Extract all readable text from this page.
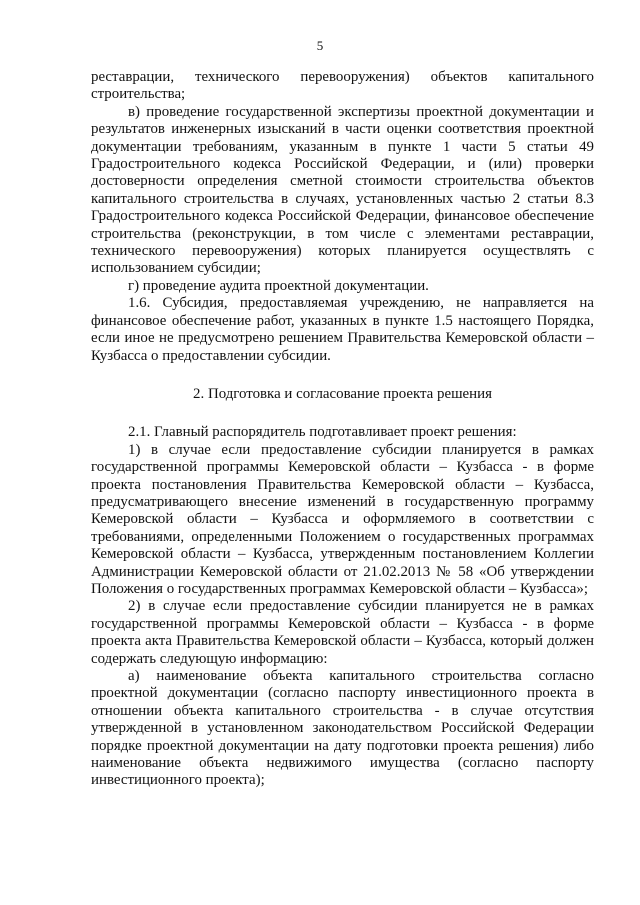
5

реставрации, технического перевооружения) объектов капитального строительства;

в) проведение государственной экспертизы проектной документации и результатов инженерных изысканий в части оценки соответствия проектной документации требованиям, указанным в пункте 1 части 5 статьи 49 Градостроительного кодекса Российской Федерации, и (или) проверки достоверности определения сметной стоимости строительства объектов капитального строительства в случаях, установленных частью 2 статьи 8.3 Градостроительного кодекса Российской Федерации, финансовое обеспечение строительства (реконструкции, в том числе с элементами реставрации, технического перевооружения) которых планируется осуществлять с использованием субсидии;

г) проведение аудита проектной документации.

1.6. Субсидия, предоставляемая учреждению, не направляется на финансовое обеспечение работ, указанных в пункте 1.5 настоящего Порядка, если иное не предусмотрено решением Правительства Кемеровской области – Кузбасса о предоставлении субсидии.

2. Подготовка и согласование проекта решения

2.1. Главный распорядитель подготавливает проект решения:

1) в случае если предоставление субсидии планируется в рамках государственной программы Кемеровской области – Кузбасса - в форме проекта постановления Правительства Кемеровской области – Кузбасса, предусматривающего внесение изменений в государственную программу Кемеровской области – Кузбасса и оформляемого в соответствии с требованиями, определенными Положением о государственных программах Кемеровской области – Кузбасса, утвержденным постановлением Коллегии Администрации Кемеровской области от 21.02.2013 № 58 «Об утверждении Положения о государственных программах Кемеровской области – Кузбасса»;

2) в случае если предоставление субсидии планируется не в рамках государственной программы Кемеровской области – Кузбасса - в форме проекта акта Правительства Кемеровской области – Кузбасса, который должен содержать следующую информацию:

а) наименование объекта капитального строительства согласно проектной документации (согласно паспорту инвестиционного проекта в отношении объекта капитального строительства - в случае отсутствия утвержденной в установленном законодательством Российской Федерации порядке проектной документации на дату подготовки проекта решения) либо наименование объекта недвижимого имущества (согласно паспорту инвестиционного проекта);
